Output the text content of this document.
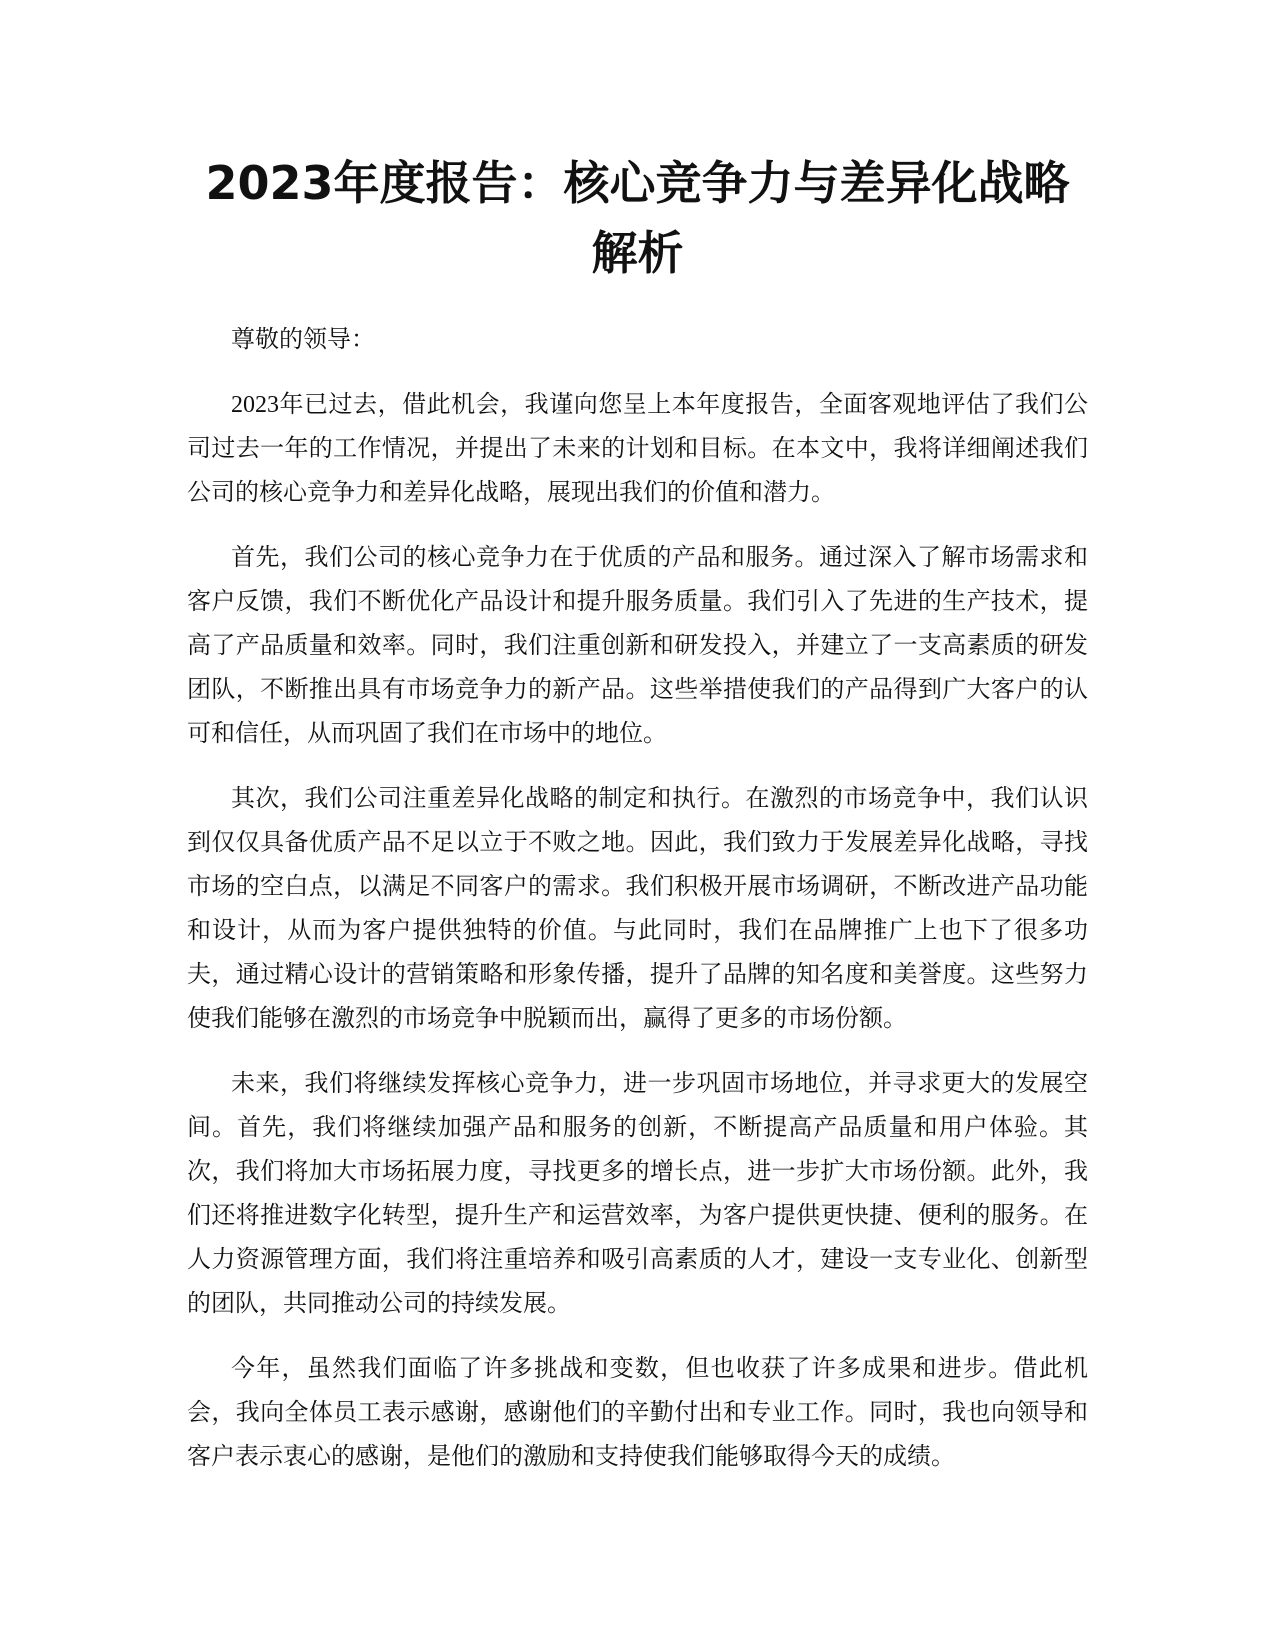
2023年度报告：核心竞争力与差异化战略解析

尊敬的领导：

2023年已过去，借此机会，我谨向您呈上本年度报告，全面客观地评估了我们公司过去一年的工作情况，并提出了未来的计划和目标。在本文中，我将详细阐述我们公司的核心竞争力和差异化战略，展现出我们的价值和潜力。

首先，我们公司的核心竞争力在于优质的产品和服务。通过深入了解市场需求和客户反馈，我们不断优化产品设计和提升服务质量。我们引入了先进的生产技术，提高了产品质量和效率。同时，我们注重创新和研发投入，并建立了一支高素质的研发团队，不断推出具有市场竞争力的新产品。这些举措使我们的产品得到广大客户的认可和信任，从而巩固了我们在市场中的地位。

其次，我们公司注重差异化战略的制定和执行。在激烈的市场竞争中，我们认识到仅仅具备优质产品不足以立于不败之地。因此，我们致力于发展差异化战略，寻找市场的空白点，以满足不同客户的需求。我们积极开展市场调研，不断改进产品功能和设计，从而为客户提供独特的价值。与此同时，我们在品牌推广上也下了很多功夫，通过精心设计的营销策略和形象传播，提升了品牌的知名度和美誉度。这些努力使我们能够在激烈的市场竞争中脱颖而出，赢得了更多的市场份额。

未来，我们将继续发挥核心竞争力，进一步巩固市场地位，并寻求更大的发展空间。首先，我们将继续加强产品和服务的创新，不断提高产品质量和用户体验。其次，我们将加大市场拓展力度，寻找更多的增长点，进一步扩大市场份额。此外，我们还将推进数字化转型，提升生产和运营效率，为客户提供更快捷、便利的服务。在人力资源管理方面，我们将注重培养和吸引高素质的人才，建设一支专业化、创新型的团队，共同推动公司的持续发展。

今年，虽然我们面临了许多挑战和变数，但也收获了许多成果和进步。借此机会，我向全体员工表示感谢，感谢他们的辛勤付出和专业工作。同时，我也向领导和客户表示衷心的感谢，是他们的激励和支持使我们能够取得今天的成绩。
